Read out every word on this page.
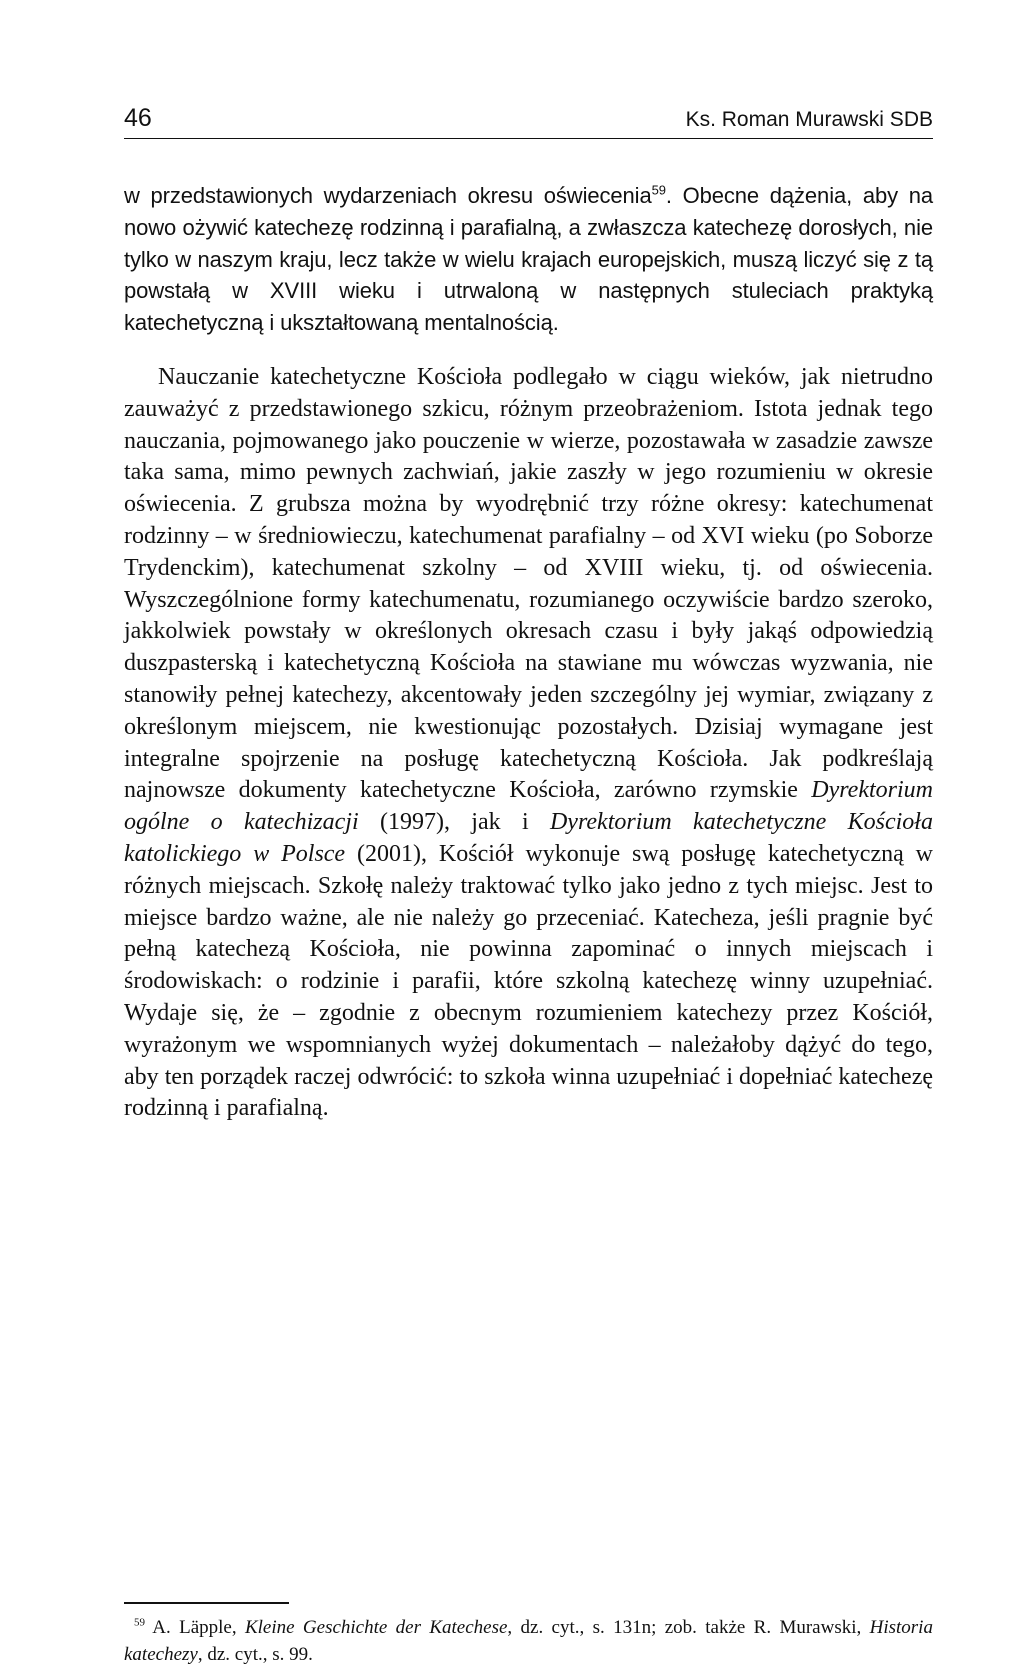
46	Ks. Roman Murawski SDB

w przedstawionych wydarzeniach okresu oświecenia$^{59}$. Obecne dążenia, aby na nowo ożywić katechezę rodzinną i parafialną, a zwłaszcza katechezę dorosłych, nie tylko w naszym kraju, lecz także w wielu krajach europejskich, muszą liczyć się z tą powstałą w XVIII wieku i utrwaloną w następnych stuleciach praktyką katechetyczną i ukształtowaną mentalnością.

Nauczanie katechetyczne Kościoła podlegało w ciągu wieków, jak nietrudno zauważyć z przedstawionego szkicu, różnym przeobrażeniom. Istota jednak tego nauczania, pojmowanego jako pouczenie w wierze, pozostawała w zasadzie zawsze taka sama, mimo pewnych zachwiań, jakie zaszły w jego rozumieniu w okresie oświecenia. Z grubsza można by wyodrębnić trzy różne okresy: katechumenat rodzinny – w średniowieczu, katechumenat parafialny – od XVI wieku (po Soborze Trydenckim), katechumenat szkolny – od XVIII wieku, tj. od oświecenia. Wyszczególnione formy katechumenatu, rozumianego oczywiście bardzo szeroko, jakkolwiek powstały w określonych okresach czasu i były jakąś odpowiedzią duszpasterską i katechetyczną Kościoła na stawiane mu wówczas wyzwania, nie stanowiły pełnej katechezy, akcentowały jeden szczególny jej wymiar, związany z określonym miejscem, nie kwestionując pozostałych. Dzisiaj wymagane jest integralne spojrzenie na posługę katechetyczną Kościoła. Jak podkreślają najnowsze dokumenty katechetyczne Kościoła, zarówno rzymskie Dyrektorium ogólne o katechizacji (1997), jak i Dyrektorium katechetyczne Kościoła katolickiego w Polsce (2001), Kościół wykonuje swą posługę katechetyczną w różnych miejscach. Szkołę należy traktować tylko jako jedno z tych miejsc. Jest to miejsce bardzo ważne, ale nie należy go przeceniać. Katecheza, jeśli pragnie być pełną katechezą Kościoła, nie powinna zapominać o innych miejscach i środowiskach: o rodzinie i parafii, które szkolną katechezę winny uzupełniać. Wydaje się, że – zgodnie z obecnym rozumieniem katechezy przez Kościół, wyrażonym we wspomnianych wyżej dokumentach – należałoby dążyć do tego, aby ten porządek raczej odwrócić: to szkoła winna uzupełniać i dopełniać katechezę rodzinną i parafialną.

$^{59}$ A. Läpple, Kleine Geschichte der Katechese, dz. cyt., s. 131n; zob. także R. Murawski, Historia katechezy, dz. cyt., s. 99.
